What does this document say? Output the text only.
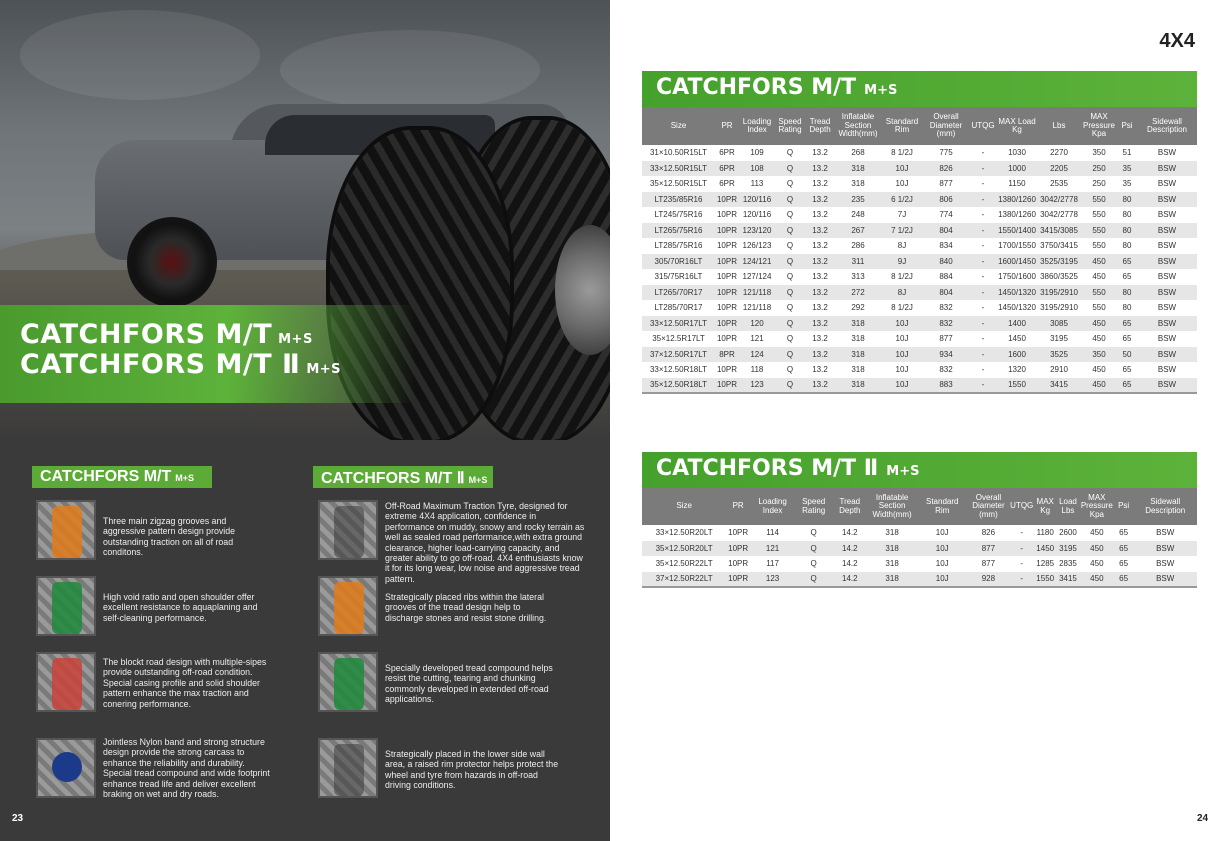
CATCHFORS M/T M+S
CATCHFORS M/T Ⅱ M+S
CATCHFORS M/T M+S	CATCHFORS M/T Ⅱ M+S
Three main zigzag grooves and aggressive pattern design provide outstanding traction on all of road conditons.
High void ratio and open shoulder offer excellent resistance to aquaplaning and self-cleaning performance.
The blockt road design with multiple-sipes provide outstanding off-road condition. Special casing profile and solid shoulder pattern enhance the max traction and conering performance.
Jointless Nylon band and strong structure design provide the strong carcass to enhance the reliability and durability. Special tread compound and wide footprint enhance tread life and deliver excellent braking on wet and dry roads.
Off-Road Maximum Traction Tyre, designed for extreme 4X4 application, confidence in performance on muddy, snowy and rocky terrain as well as sealed road performance,with extra ground clearance, higher load-carrying capacity, and greater ability to go off-road. 4X4 enthusiasts know it for its long wear, low noise and aggressive tread pattern.
Strategically placed ribs within the lateral grooves of the tread design help to discharge stones and resist stone drilling.
Specially developed tread compound helps resist the cutting, tearing and chunking commonly developed in extended off-road applications.
Strategically placed in the lower side wall area, a raised rim protector helps protect the wheel and tyre from hazards in off-road driving conditions.
23
4X4
CATCHFORS M/T M+S
Size	PR	Loading Index	Speed Rating	Tread Depth	Inflatable Section Width(mm)	Standard Rim	Overall Diameter (mm)	UTQG	MAX Load Kg	Lbs	MAX Pressure Kpa	Psi	Sidewall Description
31×10.50R15LT	6PR	109	Q	13.2	268	8 1/2J	775	-	1030	2270	350	51	BSW
33×12.50R15LT	6PR	108	Q	13.2	318	10J	826	-	1000	2205	250	35	BSW
35×12.50R15LT	6PR	113	Q	13.2	318	10J	877	-	1150	2535	250	35	BSW
LT235/85R16	10PR	120/116	Q	13.2	235	6 1/2J	806	-	1380/1260	3042/2778	550	80	BSW
LT245/75R16	10PR	120/116	Q	13.2	248	7J	774	-	1380/1260	3042/2778	550	80	BSW
LT265/75R16	10PR	123/120	Q	13.2	267	7 1/2J	804	-	1550/1400	3415/3085	550	80	BSW
LT285/75R16	10PR	126/123	Q	13.2	286	8J	834	-	1700/1550	3750/3415	550	80	BSW
305/70R16LT	10PR	124/121	Q	13.2	311	9J	840	-	1600/1450	3525/3195	450	65	BSW
315/75R16LT	10PR	127/124	Q	13.2	313	8 1/2J	884	-	1750/1600	3860/3525	450	65	BSW
LT265/70R17	10PR	121/118	Q	13.2	272	8J	804	-	1450/1320	3195/2910	550	80	BSW
LT285/70R17	10PR	121/118	Q	13.2	292	8 1/2J	832	-	1450/1320	3195/2910	550	80	BSW
33×12.50R17LT	10PR	120	Q	13.2	318	10J	832	-	1400	3085	450	65	BSW
35×12.5R17LT	10PR	121	Q	13.2	318	10J	877	-	1450	3195	450	65	BSW
37×12.50R17LT	8PR	124	Q	13.2	318	10J	934	-	1600	3525	350	50	BSW
33×12.50R18LT	10PR	118	Q	13.2	318	10J	832	-	1320	2910	450	65	BSW
35×12.50R18LT	10PR	123	Q	13.2	318	10J	883	-	1550	3415	450	65	BSW
CATCHFORS M/T Ⅱ M+S
Size	PR	Loading Index	Speed Rating	Tread Depth	Inflatable Section Width(mm)	Standard Rim	Overall Diameter (mm)	UTQG	MAX Kg	Load Lbs	MAX Pressure Kpa	Psi	Sidewall Description
33×12.50R20LT	10PR	114	Q	14.2	318	10J	826	-	1180	2600	450	65	BSW
35×12.50R20LT	10PR	121	Q	14.2	318	10J	877	-	1450	3195	450	65	BSW
35×12.50R22LT	10PR	117	Q	14.2	318	10J	877	-	1285	2835	450	65	BSW
37×12.50R22LT	10PR	123	Q	14.2	318	10J	928	-	1550	3415	450	65	BSW
24
